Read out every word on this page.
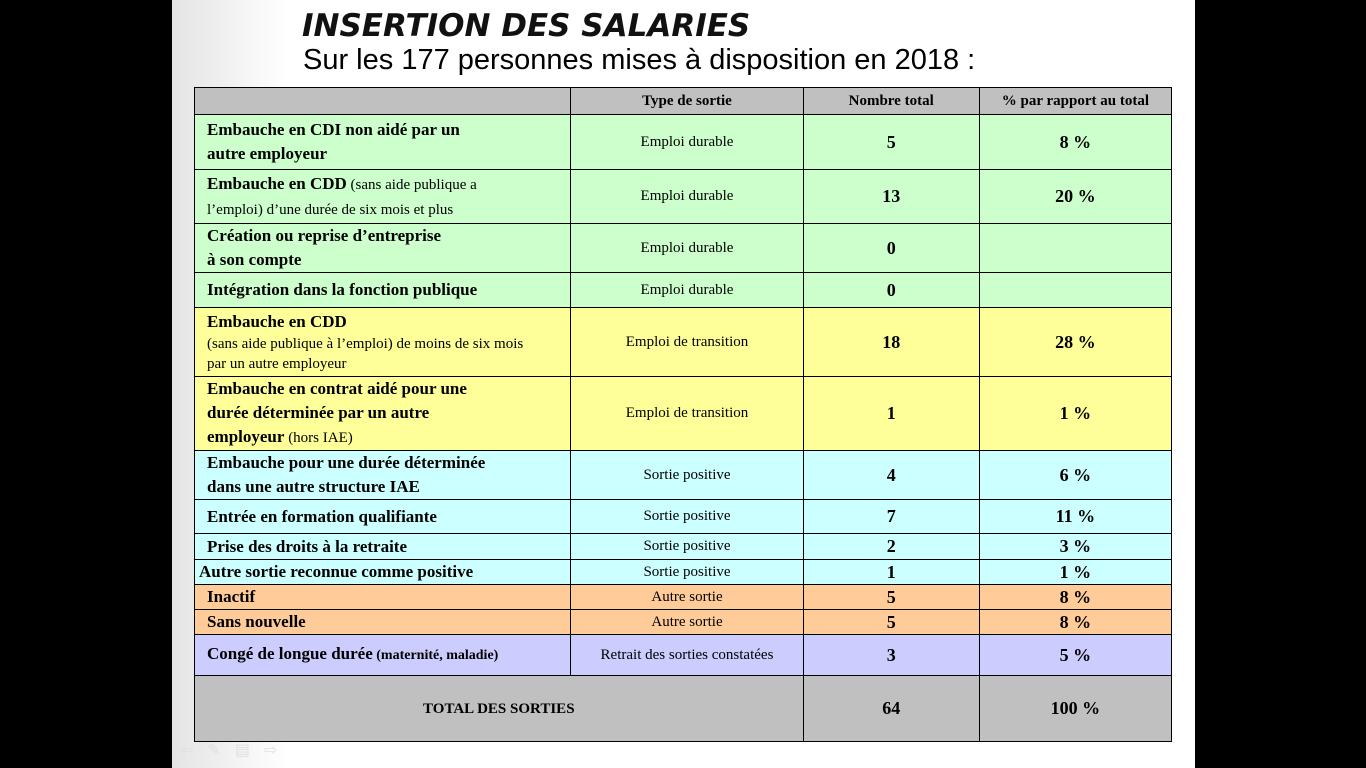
INSERTION DES SALARIES

Sur les 177 personnes mises à disposition en 2018 :

	Type de sortie	Nombre total	% par rapport au total
Embauche en CDI non aidé par un
autre employeur	Emploi durable	5	8 %
Embauche en CDD (sans aide publique a
l’emploi) d’une durée de six mois et plus	Emploi durable	13	20 %
Création ou reprise d’entreprise
à son compte	Emploi durable	0	
Intégration dans la fonction publique	Emploi durable	0	
Embauche en CDD
(sans aide publique à l’emploi) de moins de six mois par un autre employeur	Emploi de transition	18	28 %
Embauche en contrat aidé pour une
durée déterminée par un autre
employeur (hors IAE)	Emploi de transition	1	1 %
Embauche pour une durée déterminée
dans une autre structure IAE	Sortie positive	4	6 %
Entrée en formation qualifiante	Sortie positive	7	11 %
Prise des droits à la retraite	Sortie positive	2	3 %
Autre sortie reconnue comme positive	Sortie positive	1	1 %
Inactif	Autre sortie	5	8 %
Sans nouvelle	Autre sortie	5	8 %
Congé de longue durée (maternité, maladie)	Retrait des sorties constatées	3	5 %
TOTAL DES SORTIES		64	100 %
⇦✎▤⇨
